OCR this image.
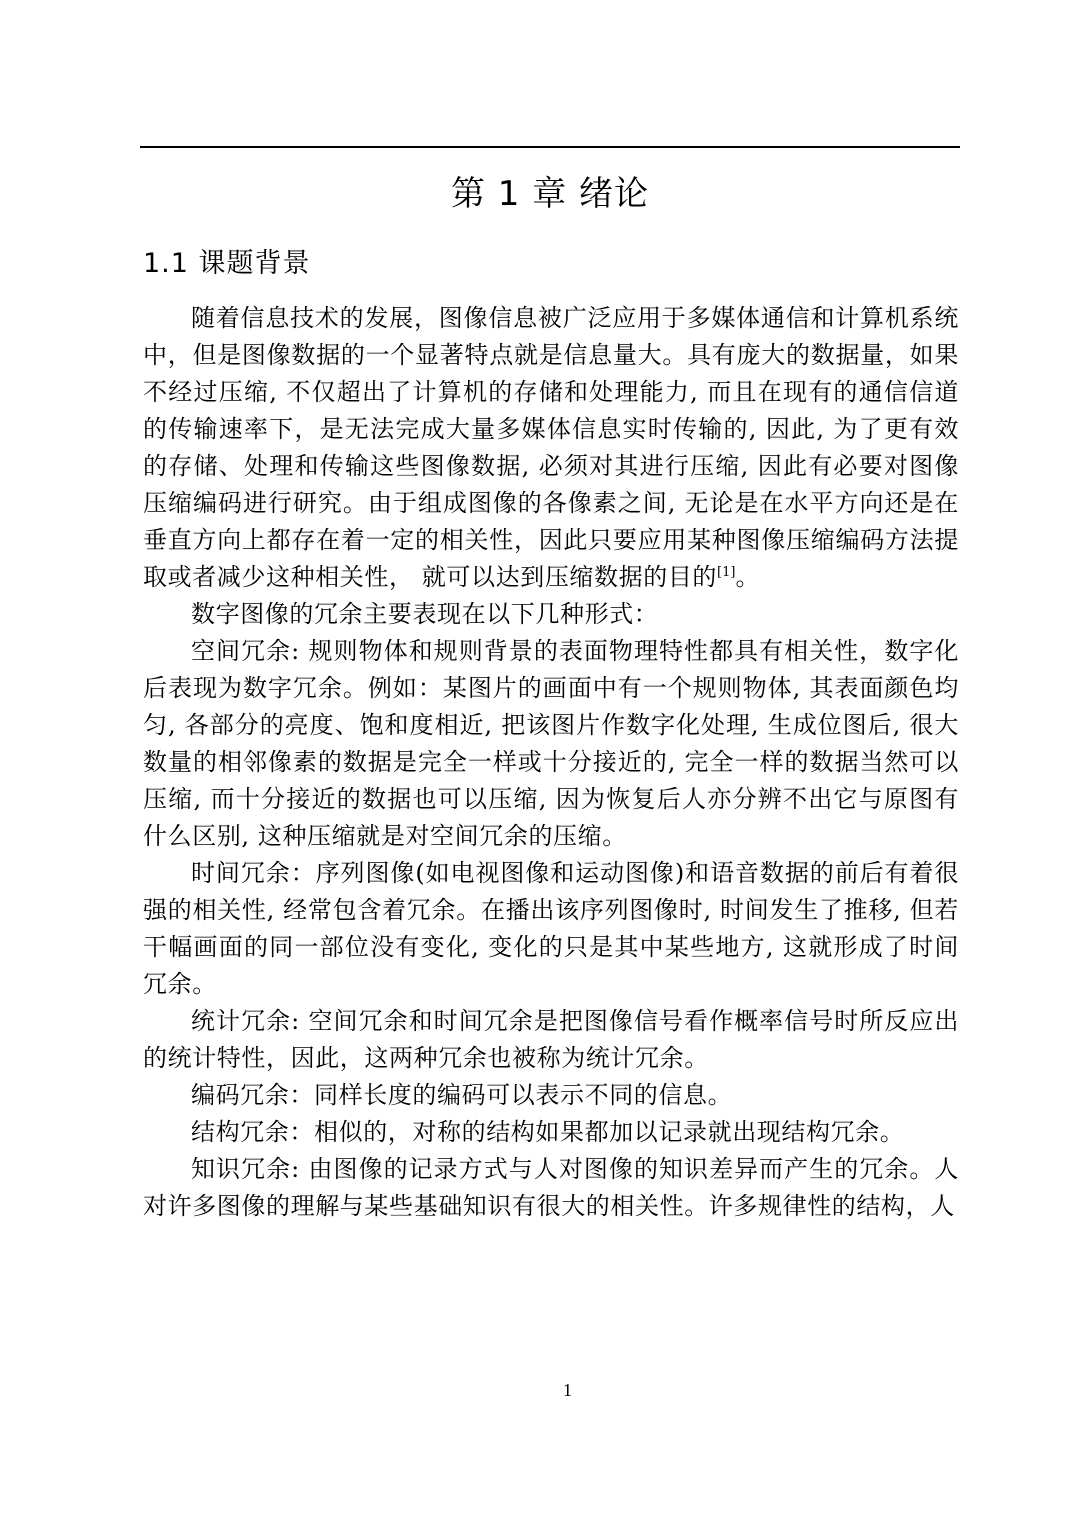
第 1 章 绪论
1.1 课题背景

随着信息技术的发展，图像信息被广泛应用于多媒体通信和计算机系统中，但是图像数据的一个显著特点就是信息量大。具有庞大的数据量，如果不经过压缩, 不仅超出了计算机的存储和处理能力, 而且在现有的通信信道的传输速率下，是无法完成大量多媒体信息实时传输的, 因此, 为了更有效的存储、处理和传输这些图像数据, 必须对其进行压缩, 因此有必要对图像压缩编码进行研究。由于组成图像的各像素之间, 无论是在水平方向还是在垂直方向上都存在着一定的相关性，因此只要应用某种图像压缩编码方法提取或者减少这种相关性， 就可以达到压缩数据的目的[1]。

数字图像的冗余主要表现在以下几种形式：

空间冗余: 规则物体和规则背景的表面物理特性都具有相关性，数字化后表现为数字冗余。例如：某图片的画面中有一个规则物体, 其表面颜色均匀, 各部分的亮度、饱和度相近, 把该图片作数字化处理, 生成位图后, 很大数量的相邻像素的数据是完全一样或十分接近的, 完全一样的数据当然可以压缩, 而十分接近的数据也可以压缩, 因为恢复后人亦分辨不出它与原图有什么区别, 这种压缩就是对空间冗余的压缩。

时间冗余：序列图像(如电视图像和运动图像)和语音数据的前后有着很强的相关性, 经常包含着冗余。在播出该序列图像时, 时间发生了推移, 但若干幅画面的同一部位没有变化, 变化的只是其中某些地方, 这就形成了时间冗余。

统计冗余: 空间冗余和时间冗余是把图像信号看作概率信号时所反应出的统计特性，因此，这两种冗余也被称为统计冗余。

编码冗余：同样长度的编码可以表示不同的信息。

结构冗余：相似的，对称的结构如果都加以记录就出现结构冗余。

知识冗余: 由图像的记录方式与人对图像的知识差异而产生的冗余。人对许多图像的理解与某些基础知识有很大的相关性。许多规律性的结构，人

1
